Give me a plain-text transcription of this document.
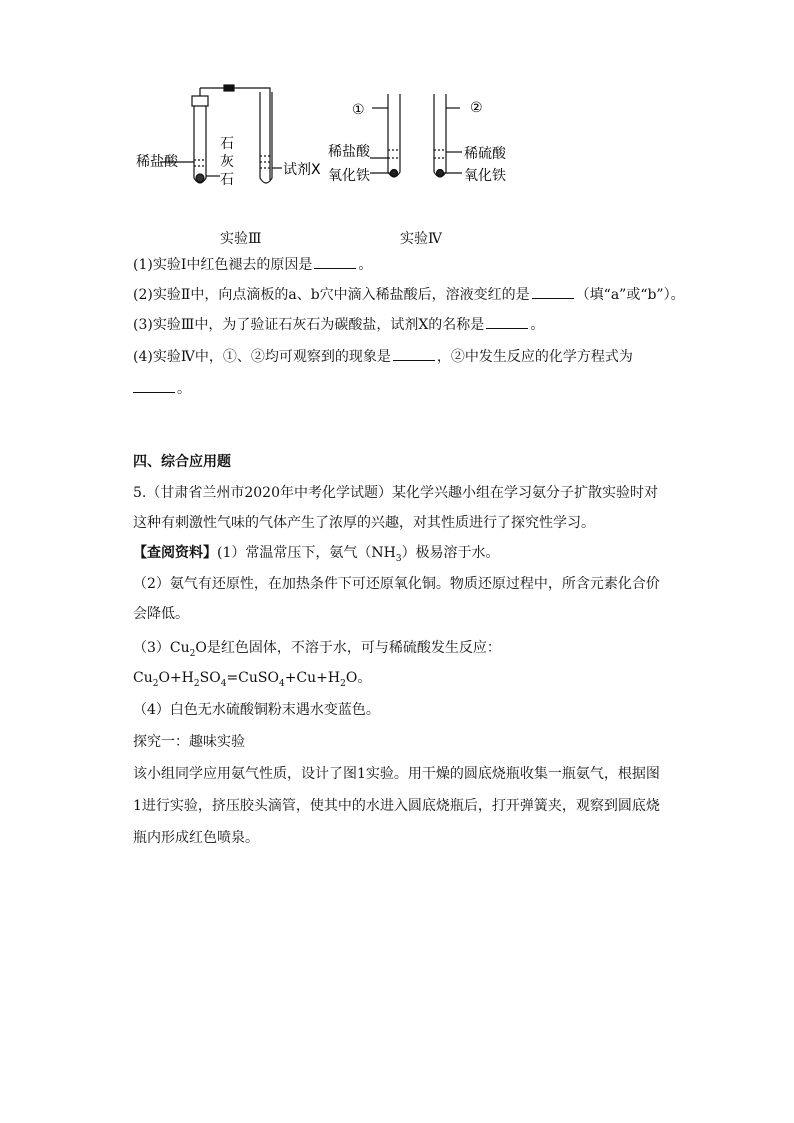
稀盐酸
石
灰
石
试剂X
①	②
稀盐酸
氧化铁
稀硫酸
氧化铁
实验Ⅲ	实验Ⅳ
(1)实验Ⅰ中红色褪去的原因是	。
(2)实验Ⅱ中，向点滴板的a、b穴中滴入稀盐酸后，溶液变红的是	（填“a”或“b”）。
(3)实验Ⅲ中，为了验证石灰石为碳酸盐，试剂X的名称是	。
(4)实验Ⅳ中，①、②均可观察到的现象是	，②中发生反应的化学方程式为
。
四、综合应用题
5.（甘肃省兰州市2020年中考化学试题）某化学兴趣小组在学习氨分子扩散实验时对
这种有刺激性气味的气体产生了浓厚的兴趣，对其性质进行了探究性学习。
【查阅资料】(1）常温常压下，氨气$(NH_3)$极易溶于水。
（2）氨气有还原性，在加热条件下可还原氧化铜。物质还原过程中，所含元素化合价
会降低。
$(3)Cu_2O$是红色固体，不溶于水，可与稀硫酸发生反应：
$Cu_2O+H_2SO_4=CuSO_4+Cu+H_2O$。
（4）白色无水硫酸铜粉末遇水变蓝色。
探究一：趣味实验
该小组同学应用氨气性质，设计了图1实验。用干燥的圆底烧瓶收集一瓶氨气，根据图
1进行实验，挤压胶头滴管，使其中的水进入圆底烧瓶后，打开弹簧夹，观察到圆底烧
瓶内形成红色喷泉。
